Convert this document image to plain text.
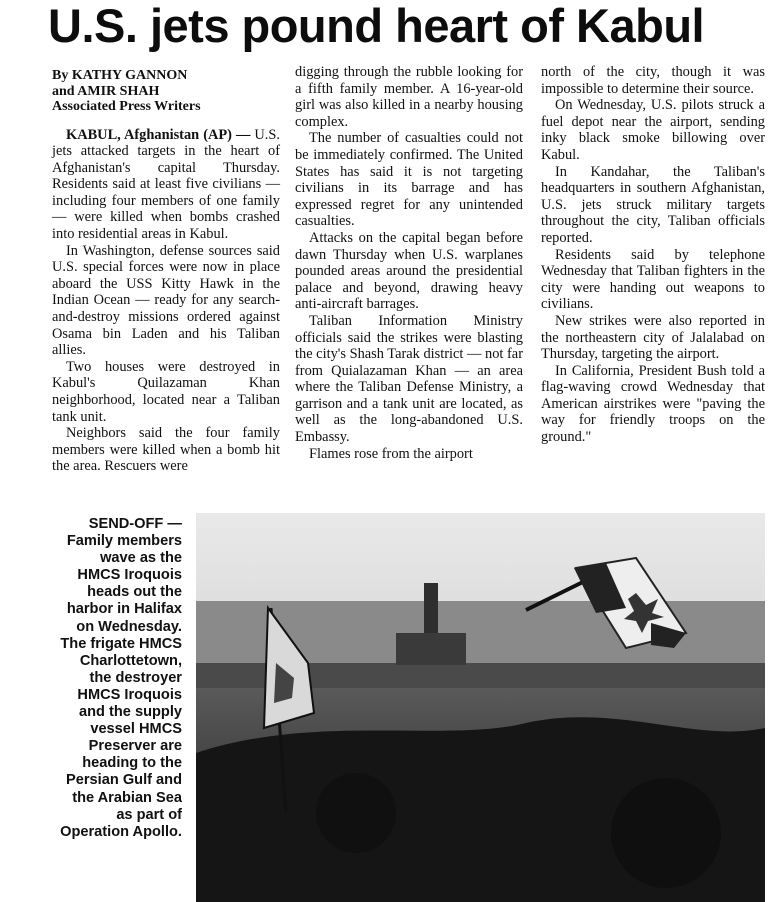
U.S. jets pound heart of Kabul
By KATHY GANNON
and AMIR SHAH
Associated Press Writers

KABUL, Afghanistan (AP) — U.S. jets attacked targets in the heart of Afghanistan's capital Thursday. Residents said at least five civilians — including four members of one family — were killed when bombs crashed into residential areas in Kabul.

In Washington, defense sources said U.S. special forces were now in place aboard the USS Kitty Hawk in the Indian Ocean — ready for any search-and-destroy missions ordered against Osama bin Laden and his Taliban allies.

Two houses were destroyed in Kabul's Quilazaman Khan neighborhood, located near a Taliban tank unit.

Neighbors said the four family members were killed when a bomb hit the area. Rescuers were

digging through the rubble looking for a fifth family member. A 16-year-old girl was also killed in a nearby housing complex.

The number of casualties could not be immediately confirmed. The United States has said it is not targeting civilians in its barrage and has expressed regret for any unintended casualties.

Attacks on the capital began before dawn Thursday when U.S. warplanes pounded areas around the presidential palace and beyond, drawing heavy anti-aircraft barrages.

Taliban Information Ministry officials said the strikes were blasting the city's Shash Tarak district — not far from Quialazaman Khan — an area where the Taliban Defense Ministry, a garrison and a tank unit are located, as well as the long-abandoned U.S. Embassy.

Flames rose from the airport

north of the city, though it was impossible to determine their source.

On Wednesday, U.S. pilots struck a fuel depot near the airport, sending inky black smoke billowing over Kabul.

In Kandahar, the Taliban's headquarters in southern Afghanistan, U.S. jets struck military targets throughout the city, Taliban officials reported.

Residents said by telephone Wednesday that Taliban fighters in the city were handing out weapons to civilians.

New strikes were also reported in the northeastern city of Jalalabad on Thursday, targeting the airport.

In California, President Bush told a flag-waving crowd Wednesday that American airstrikes were "paving the way for friendly troops on the ground."

SEND-OFF — Family members wave as the HMCS Iroquois heads out the harbor in Halifax on Wednesday. The frigate HMCS Charlottetown, the destroyer HMCS Iroquois and the supply vessel HMCS Preserver are heading to the Persian Gulf and the Arabian Sea as part of Operation Apollo.
